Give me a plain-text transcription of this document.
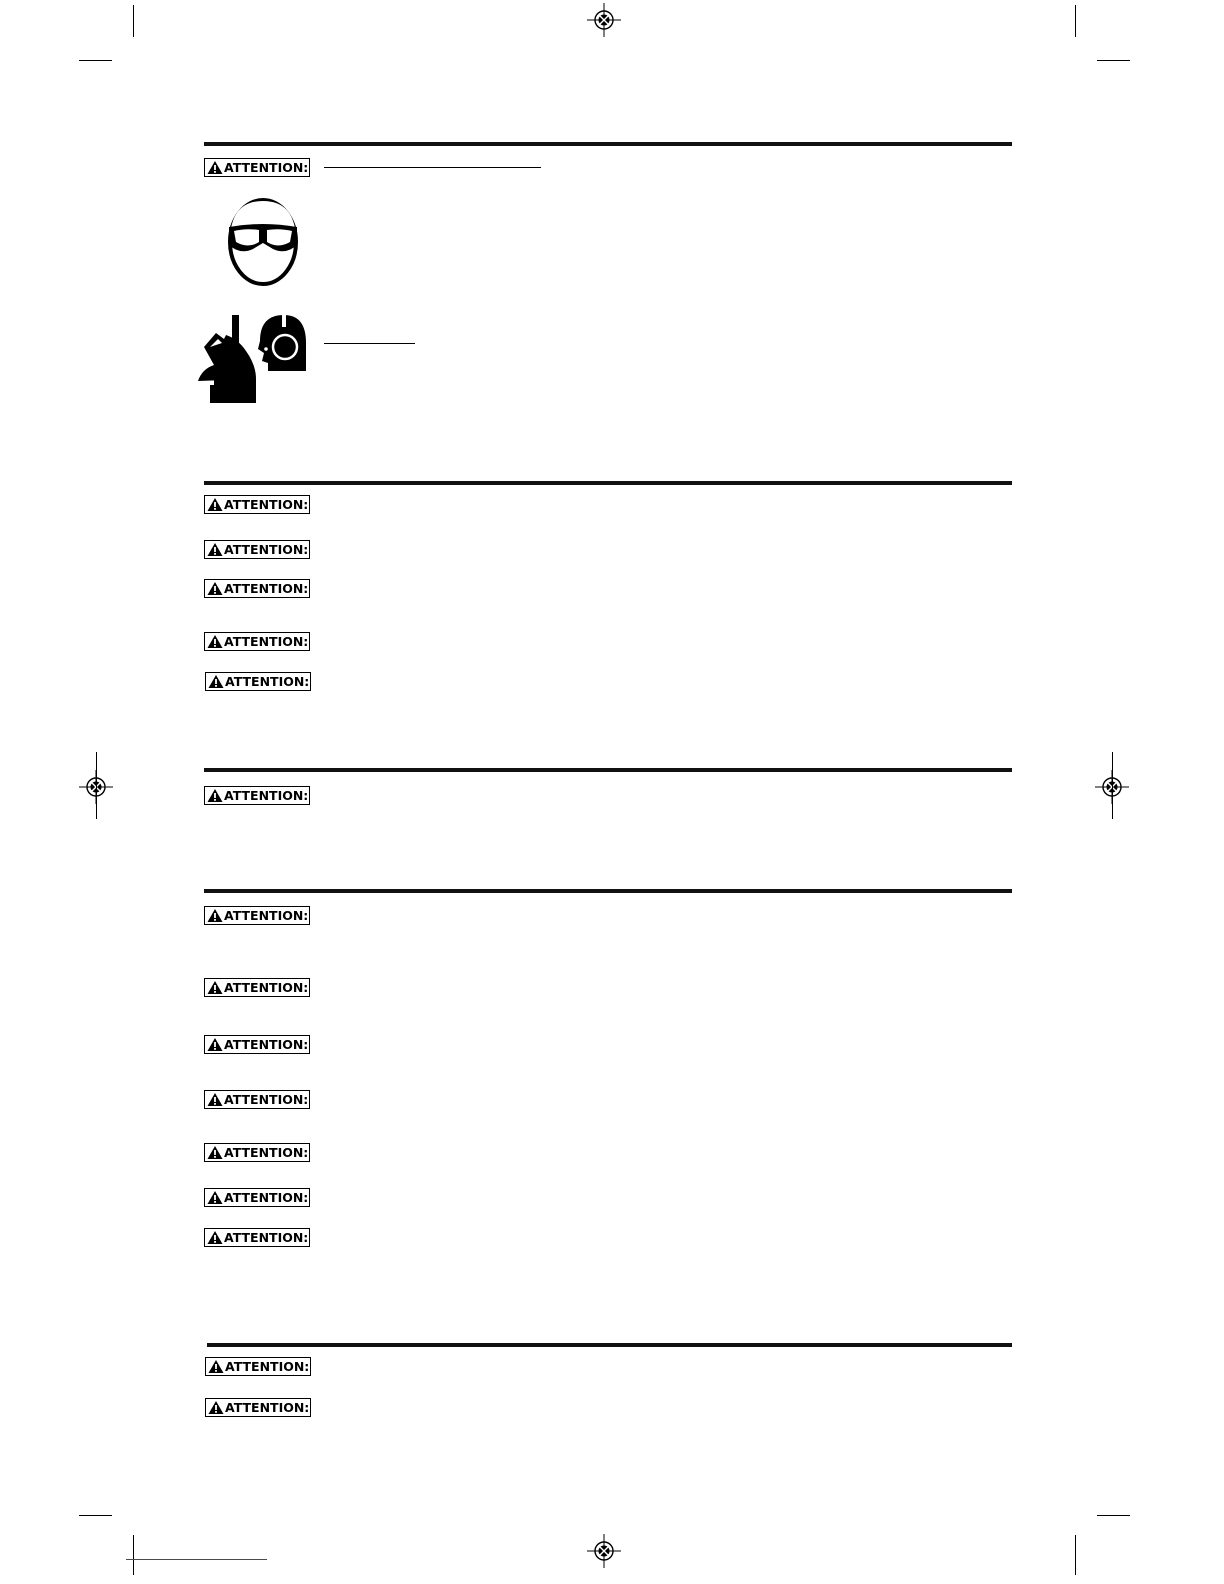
ATTENTION:
ATTENTION:
ATTENTION:
ATTENTION:
ATTENTION:
ATTENTION:
ATTENTION:
ATTENTION:
ATTENTION:
ATTENTION:
ATTENTION:
ATTENTION:
ATTENTION:
ATTENTION:
ATTENTION:
ATTENTION:
